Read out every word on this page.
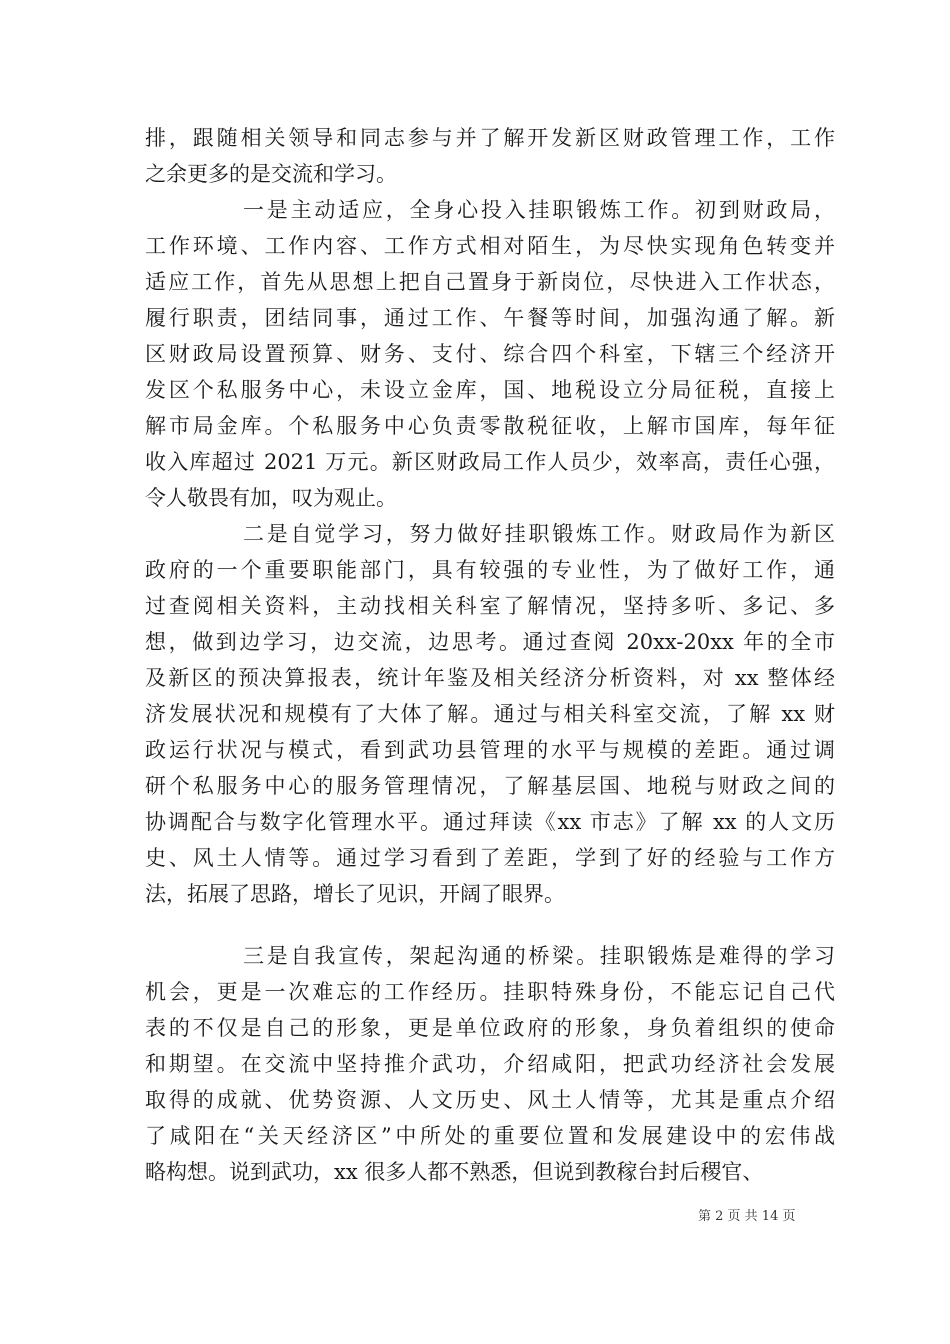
排，跟随相关领导和同志参与并了解开发新区财政管理工作，工作
之余更多的是交流和学习。
一是主动适应，全身心投入挂职锻炼工作。初到财政局，
工作环境、工作内容、工作方式相对陌生，为尽快实现角色转变并
适应工作，首先从思想上把自己置身于新岗位，尽快进入工作状态，
履行职责，团结同事，通过工作、午餐等时间，加强沟通了解。新
区财政局设置预算、财务、支付、综合四个科室，下辖三个经济开
发区个私服务中心，未设立金库，国、地税设立分局征税，直接上
解市局金库。个私服务中心负责零散税征收，上解市国库，每年征
收入库超过 2021 万元。新区财政局工作人员少，效率高，责任心强，
令人敬畏有加，叹为观止。
二是自觉学习，努力做好挂职锻炼工作。财政局作为新区
政府的一个重要职能部门，具有较强的专业性，为了做好工作，通
过查阅相关资料，主动找相关科室了解情况，坚持多听、多记、多
想，做到边学习，边交流，边思考。通过查阅 20xx-20xx 年的全市
及新区的预决算报表，统计年鉴及相关经济分析资料，对 xx 整体经
济发展状况和规模有了大体了解。通过与相关科室交流，了解 xx 财
政运行状况与模式，看到武功县管理的水平与规模的差距。通过调
研个私服务中心的服务管理情况，了解基层国、地税与财政之间的
协调配合与数字化管理水平。通过拜读《xx 市志》了解 xx 的人文历
史、风土人情等。通过学习看到了差距，学到了好的经验与工作方
法，拓展了思路，增长了见识，开阔了眼界。
三是自我宣传，架起沟通的桥梁。挂职锻炼是难得的学习
机会，更是一次难忘的工作经历。挂职特殊身份，不能忘记自己代
表的不仅是自己的形象，更是单位政府的形象，身负着组织的使命
和期望。在交流中坚持推介武功，介绍咸阳，把武功经济社会发展
取得的成就、优势资源、人文历史、风土人情等，尤其是重点介绍
了咸阳在“关天经济区”中所处的重要位置和发展建设中的宏伟战
略构想。说到武功，xx 很多人都不熟悉，但说到教稼台封后稷官、
第 2 页 共 14 页
